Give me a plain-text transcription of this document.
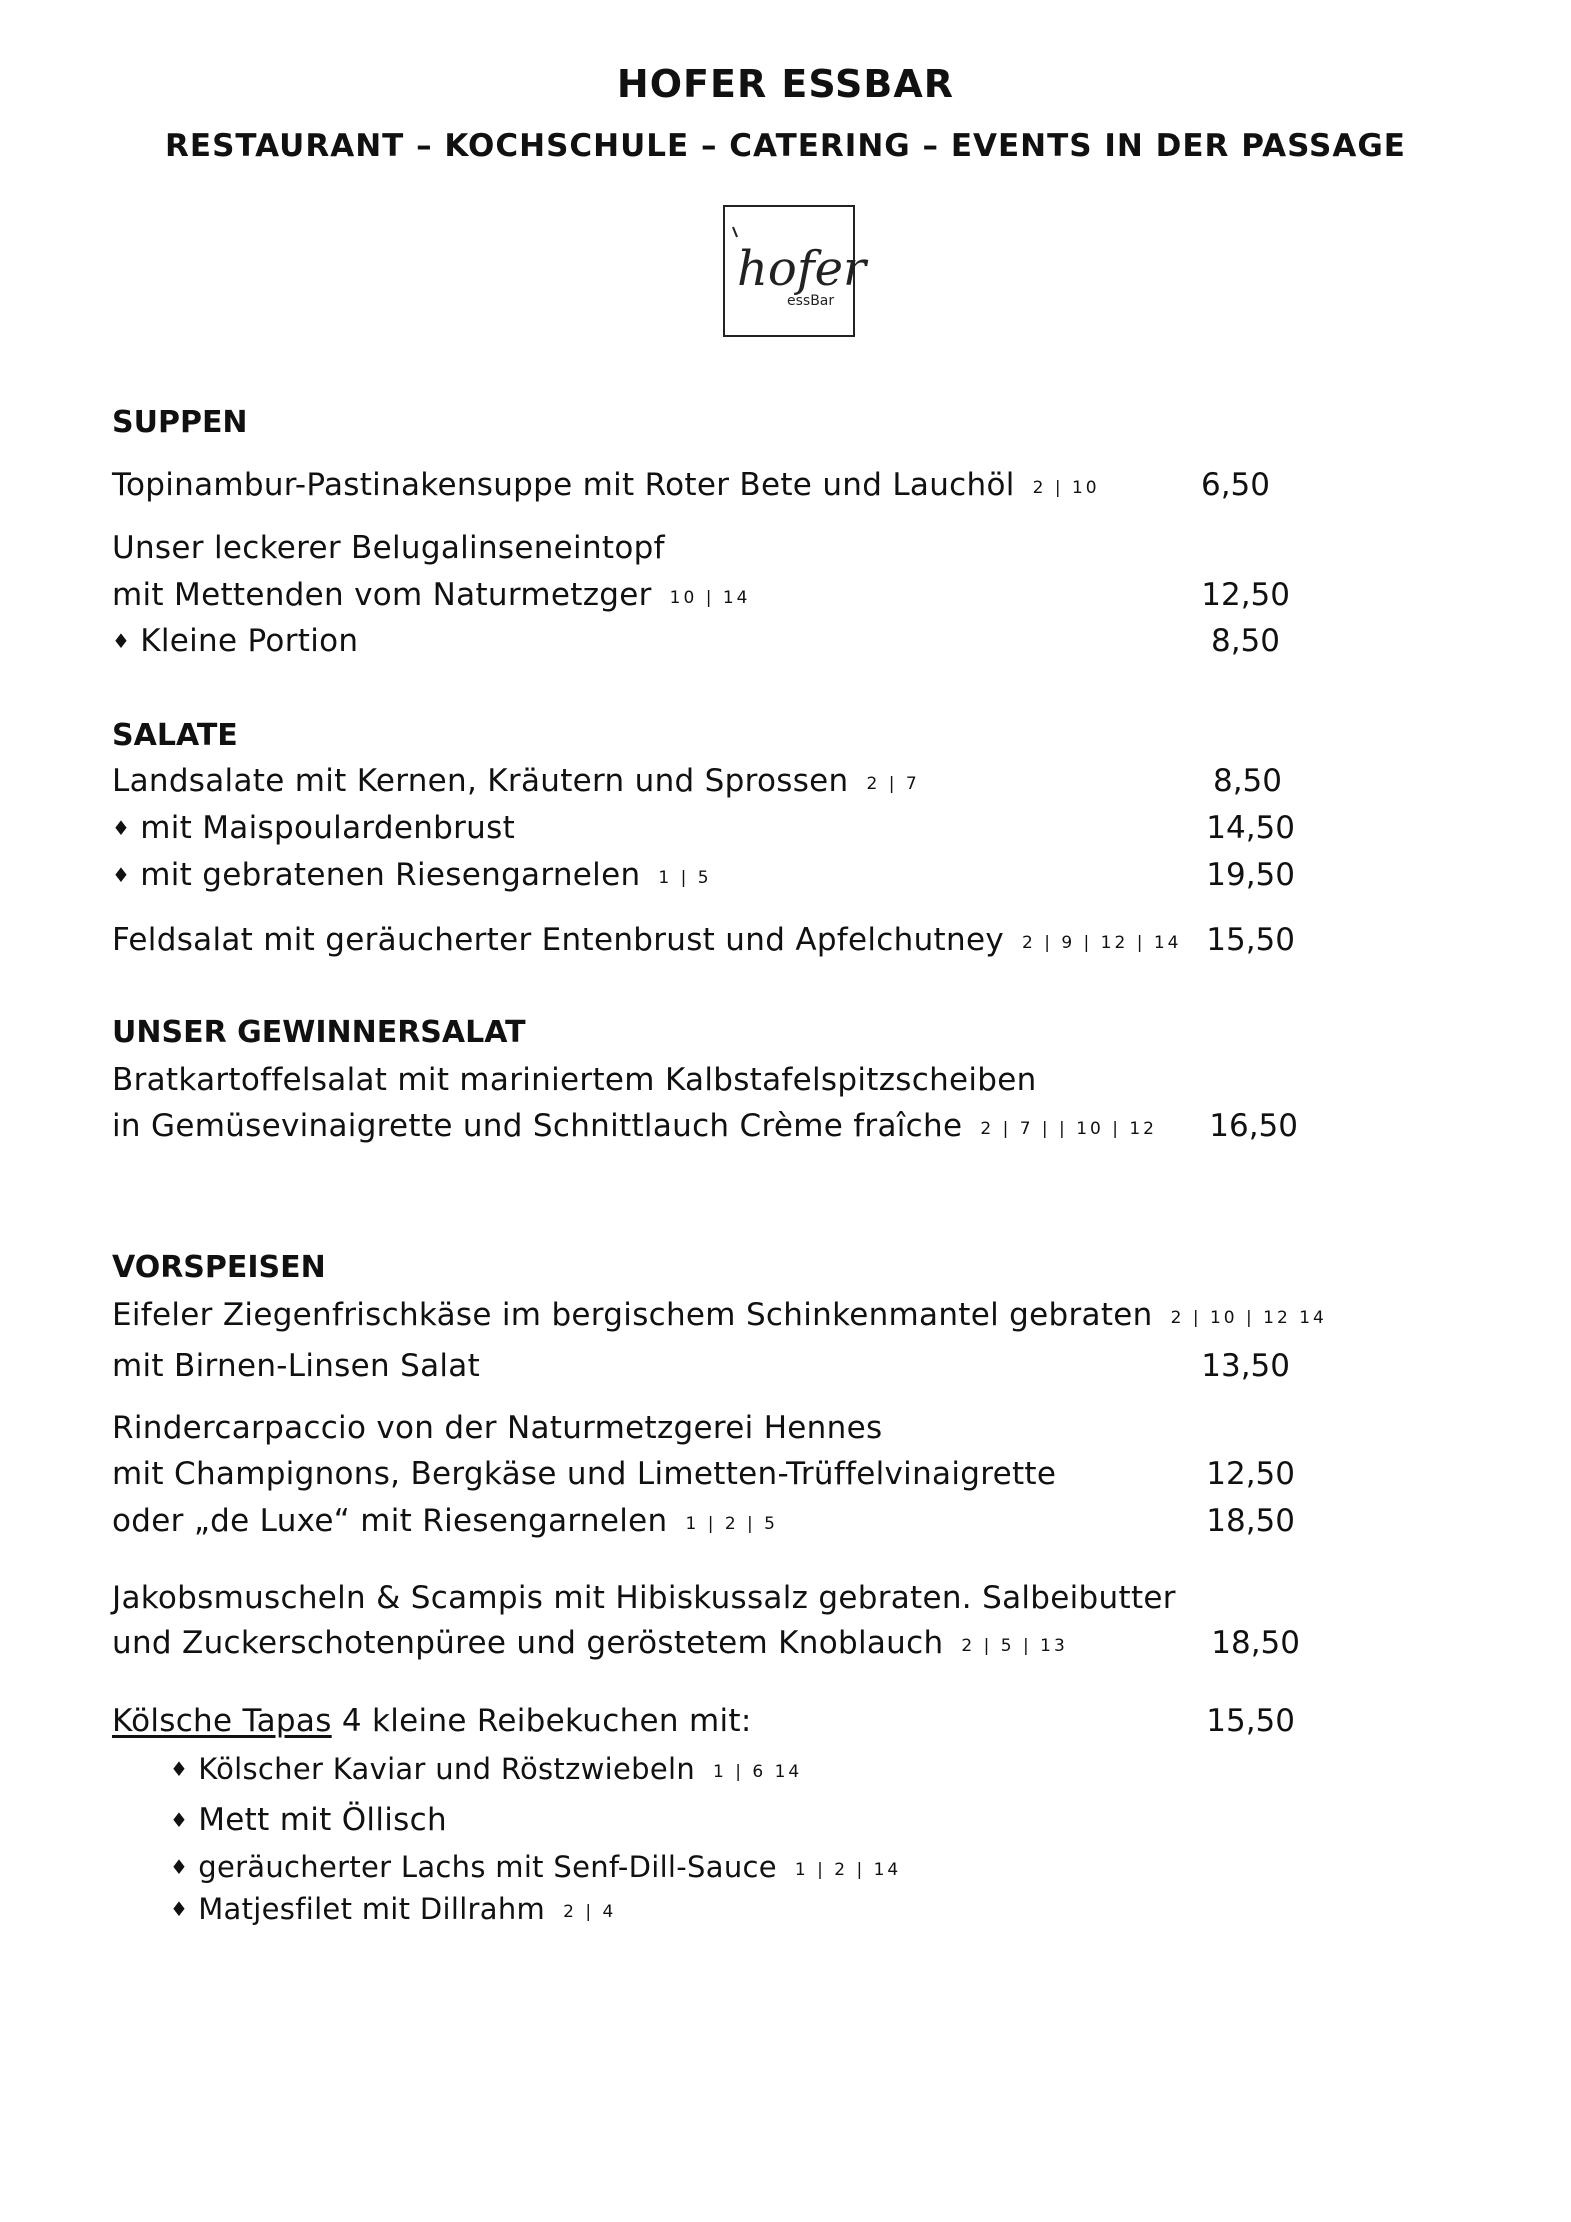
HOFER ESSBAR
RESTAURANT – KOCHSCHULE – CATERING – EVENTS IN DER PASSAGE
hofer
essBar
SUPPEN
Topinambur-Pastinakensuppe mit Roter Bete und Lauchöl 2 | 10	6,50
Unser leckerer Belugalinseneintopf
mit Mettenden vom Naturmetzger 10 | 14	12,50
♦ Kleine Portion	8,50
SALATE
Landsalate mit Kernen, Kräutern und Sprossen 2 | 7	8,50
♦ mit Maispoulardenbrust	14,50
♦ mit gebratenen Riesengarnelen 1 | 5	19,50
Feldsalat mit geräucherter Entenbrust und Apfelchutney 2 | 9 | 12 | 14 15,50
UNSER GEWINNERSALAT
Bratkartoffelsalat mit mariniertem Kalbstafelspitzscheiben
in Gemüsevinaigrette und Schnittlauch Crème fraîche 2 | 7 | | 10 | 12	16,50
VORSPEISEN
Eifeler Ziegenfrischkäse im bergischem Schinkenmantel gebraten 2 | 10 | 12 14
mit Birnen-Linsen Salat	13,50
Rindercarpaccio von der Naturmetzgerei Hennes
mit Champignons, Bergkäse und Limetten-Trüffelvinaigrette	12,50
oder „de Luxe“ mit Riesengarnelen 1 | 2 | 5	18,50
Jakobsmuscheln & Scampis mit Hibiskussalz gebraten. Salbeibutter
und Zuckerschotenpüree und geröstetem Knoblauch 2 | 5 | 13	18,50
Kölsche Tapas 4 kleine Reibekuchen mit:	15,50
♦ Kölscher Kaviar und Röstzwiebeln 1 | 6 14
♦ Mett mit Öllisch
♦ geräucherter Lachs mit Senf-Dill-Sauce 1 | 2 | 14
♦ Matjesfilet mit Dillrahm 2 | 4
